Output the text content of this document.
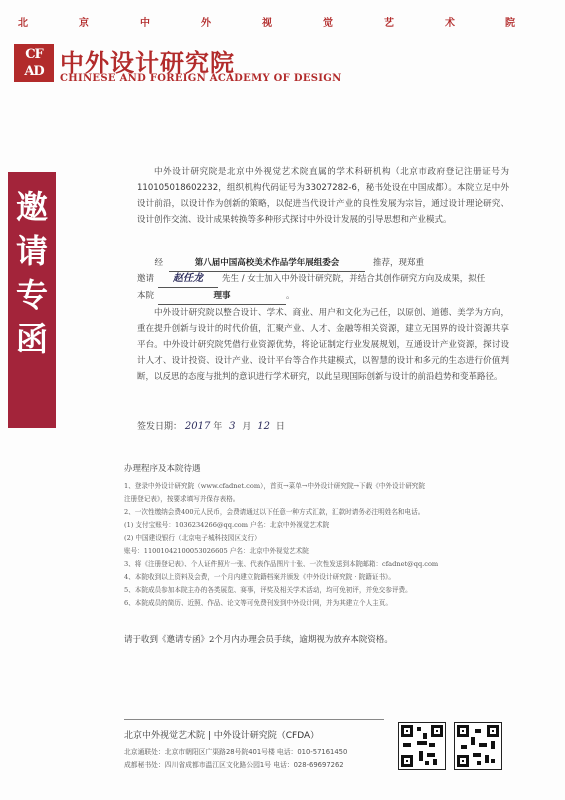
北	京	中	外	视	觉	艺	术	院
CF
AD 中外设计研究院
CHINESE AND FOREIGN ACADEMY OF DESIGN
邀
请
专
函

中外设计研究院是北京中外视觉艺术院直属的学术科研机构（北京市政府登记注册证号为110105018602232，组织机构代码证号为33027282-6，秘书处设在中国成都）。本院立足中外设计前沿，以设计作为创新的策略，以促进当代设计产业的良性发展为宗旨，通过设计理论研究、设计创作交流、设计成果转换等多种形式探讨中外设计发展的引导思想和产业模式。

经	第八届中国高校美术作品学年展组委会	推荐，现郑重
邀请 赵任龙 先生 / 女士加入中外设计研究院，并结合其创作研究方向及成果，拟任
本院	理事	。

中外设计研究院以整合设计、学术、商业、用户和文化为己任，以原创、道德、美学为方向，重在提升创新与设计的时代价值，汇聚产业、人才、金融等相关资源，建立无国界的设计资源共享平台。中外设计研究院凭借行业资源优势，将论证制定行业发展规划，互通设计产业资源，探讨设计人才、设计投资、设计产业、设计平台等合作共建模式，以智慧的设计和多元的生态进行价值判断，以反思的态度与批判的意识进行学术研究，以此呈现国际创新与设计的前沿趋势和变革路径。

签发日期： 2017 年 3 月 12 日
办理程序及本院待遇
1、登录中外设计研究院（www.cfadnet.com），首页→菜单→中外设计研究院→下载《中外设计研究院
注册登记表》，按要求填写并保存表格。
2、一次性缴纳会费400元人民币，会费请通过以下任意一种方式汇款，汇款时请务必注明姓名和电话。
(1) 支付宝账号：1036234266@qq.com 户名：北京中外视觉艺术院
(2) 中国建设银行（北京电子城科技园区支行）
账号：11001042100053026605 户名：北京中外视觉艺术院
3、将《注册登记表》、个人证件照片一张、代表作品图片十张、一次性发送到本院邮箱：cfadnet@qq.com
4、本院收到以上资料及会费，一个月内建立院籍档案并颁发《中外设计研究院 · 院籍证书》。
5、本院成员参加本院主办的各类展览、赛事，评奖及相关学术活动，均可免初评，并免交参评费。
6、本院成员的简历、近照、作品、论文等可免费刊发到中外设计网，并为其建立个人主页。
请于收到《邀请专函》2个月内办理会员手续，逾期视为放弃本院资格。
北京中外视觉艺术院 | 中外设计研究院（CFDA）
北京通联处：北京市朝阳区广渠路28号院401号楼 电话：010-57161450
成都秘书处：四川省成都市温江区文化路公园1号 电话：028-69697262
